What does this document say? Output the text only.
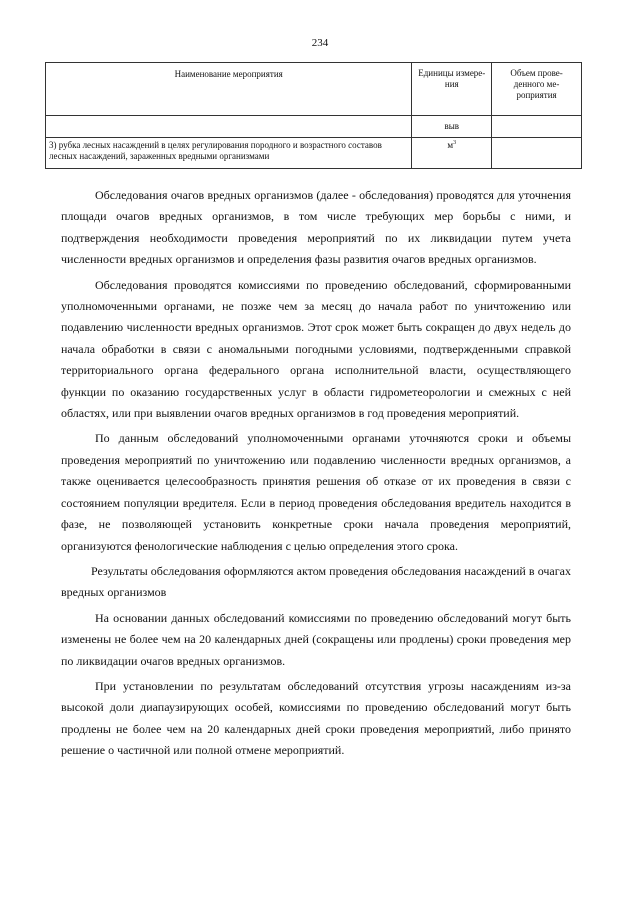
234
Наименование мероприятия	Единицы измере-ния	Объем прове-денного ме-роприятия
	выв	
3) рубка лесных насаждений в целях регулирования породного и возрастного составов лесных насаждений, зараженных вредными организмами	$м^3$	

Обследования очагов вредных организмов (далее - обследования) проводятся для уточнения площади очагов вредных организмов, в том числе требующих мер борьбы с ними, и подтверждения необходимости проведения мероприятий по их ликвидации путем учета численности вредных организмов и определения фазы развития очагов вредных организмов.

Обследования проводятся комиссиями по проведению обследований, сформированными уполномоченными органами, не позже чем за месяц до начала работ по уничтожению или подавлению численности вредных организмов. Этот срок может быть сокращен до двух недель до начала обработки в связи с аномальными погодными условиями, подтвержденными справкой территориального органа федерального органа исполнительной власти, осуществляющего функции по оказанию государственных услуг в области гидрометеорологии и смежных с ней областях, или при выявлении очагов вредных организмов в год проведения мероприятий.

По данным обследований уполномоченными органами уточняются сроки и объемы проведения мероприятий по уничтожению или подавлению численности вредных организмов, а также оценивается целесообразность принятия решения об отказе от их проведения в связи с состоянием популяции вредителя. Если в период проведения обследования вредитель находится в фазе, не позволяющей установить конкретные сроки начала проведения мероприятий, организуются фенологические наблюдения с целью определения этого срока.

Результаты обследования оформляются актом проведения обследования насаждений в очагах вредных организмов

На основании данных обследований комиссиями по проведению обследований могут быть изменены не более чем на 20 календарных дней (сокращены или продлены) сроки проведения мер по ликвидации очагов вредных организмов.

При установлении по результатам обследований отсутствия угрозы насаждениям из-за высокой доли диапаузирующих особей, комиссиями по проведению обследований могут быть продлены не более чем на 20 календарных дней сроки проведения мероприятий, либо принято решение о частичной или полной отмене мероприятий.
